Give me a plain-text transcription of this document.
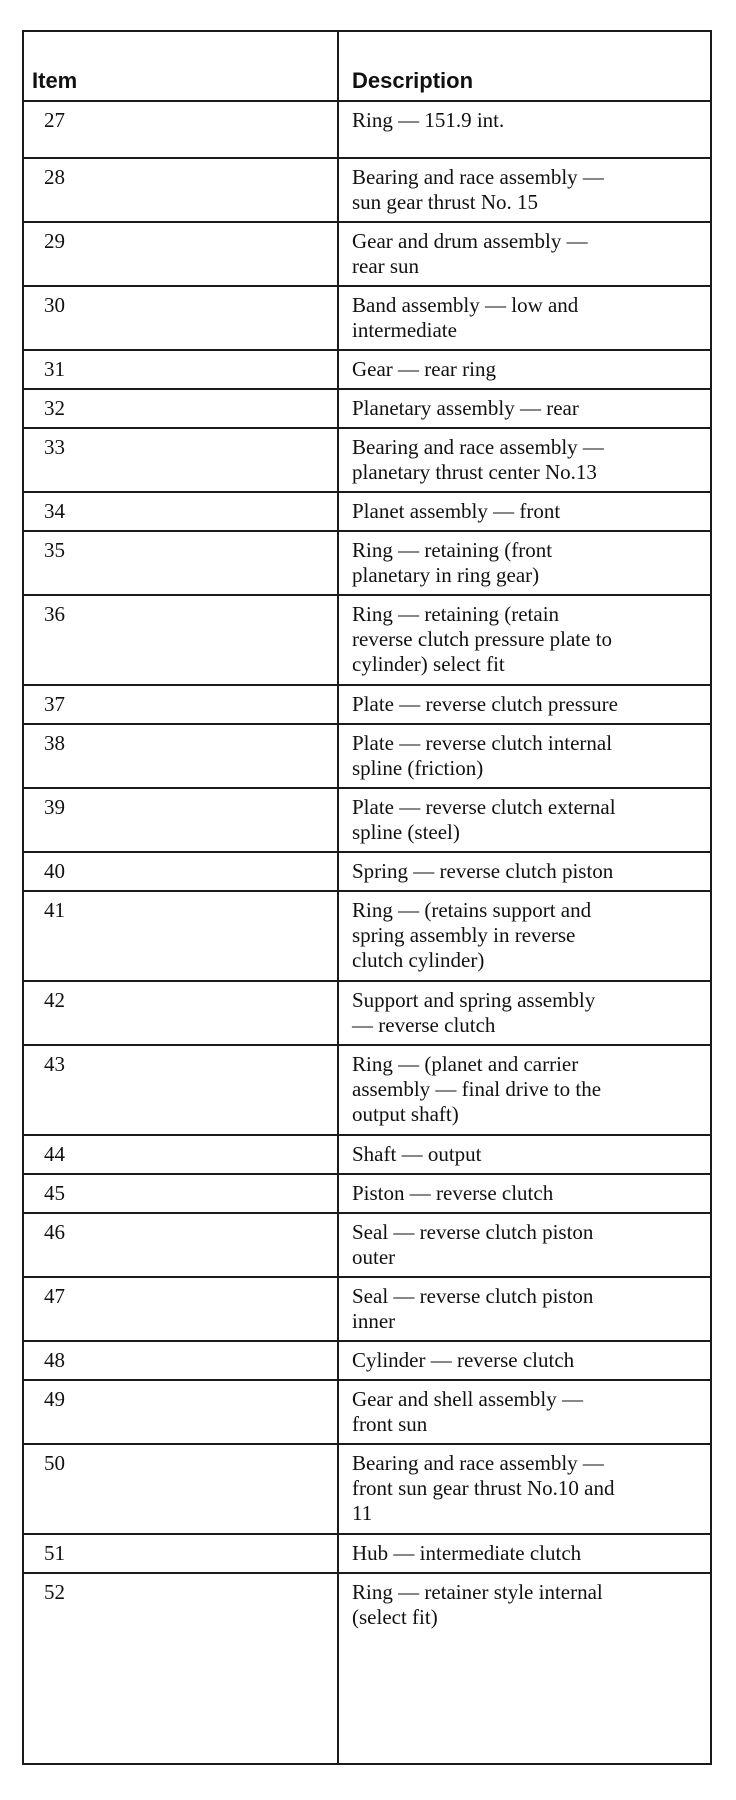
Item	Description
27	Ring — 151.9 int.
28	Bearing and race assembly —
sun gear thrust No. 15
29	Gear and drum assembly —
rear sun
30	Band assembly — low and
intermediate
31	Gear — rear ring
32	Planetary assembly — rear
33	Bearing and race assembly —
planetary thrust center No.13
34	Planet assembly — front
35	Ring — retaining (front
planetary in ring gear)
36	Ring — retaining (retain
reverse clutch pressure plate to
cylinder) select fit
37	Plate — reverse clutch pressure
38	Plate — reverse clutch internal
spline (friction)
39	Plate — reverse clutch external
spline (steel)
40	Spring — reverse clutch piston
41	Ring — (retains support and
spring assembly in reverse
clutch cylinder)
42	Support and spring assembly
— reverse clutch
43	Ring — (planet and carrier
assembly — final drive to the
output shaft)
44	Shaft — output
45	Piston — reverse clutch
46	Seal — reverse clutch piston
outer
47	Seal — reverse clutch piston
inner
48	Cylinder — reverse clutch
49	Gear and shell assembly —
front sun
50	Bearing and race assembly —
front sun gear thrust No.10 and
11
51	Hub — intermediate clutch
52	Ring — retainer style internal
(select fit)
